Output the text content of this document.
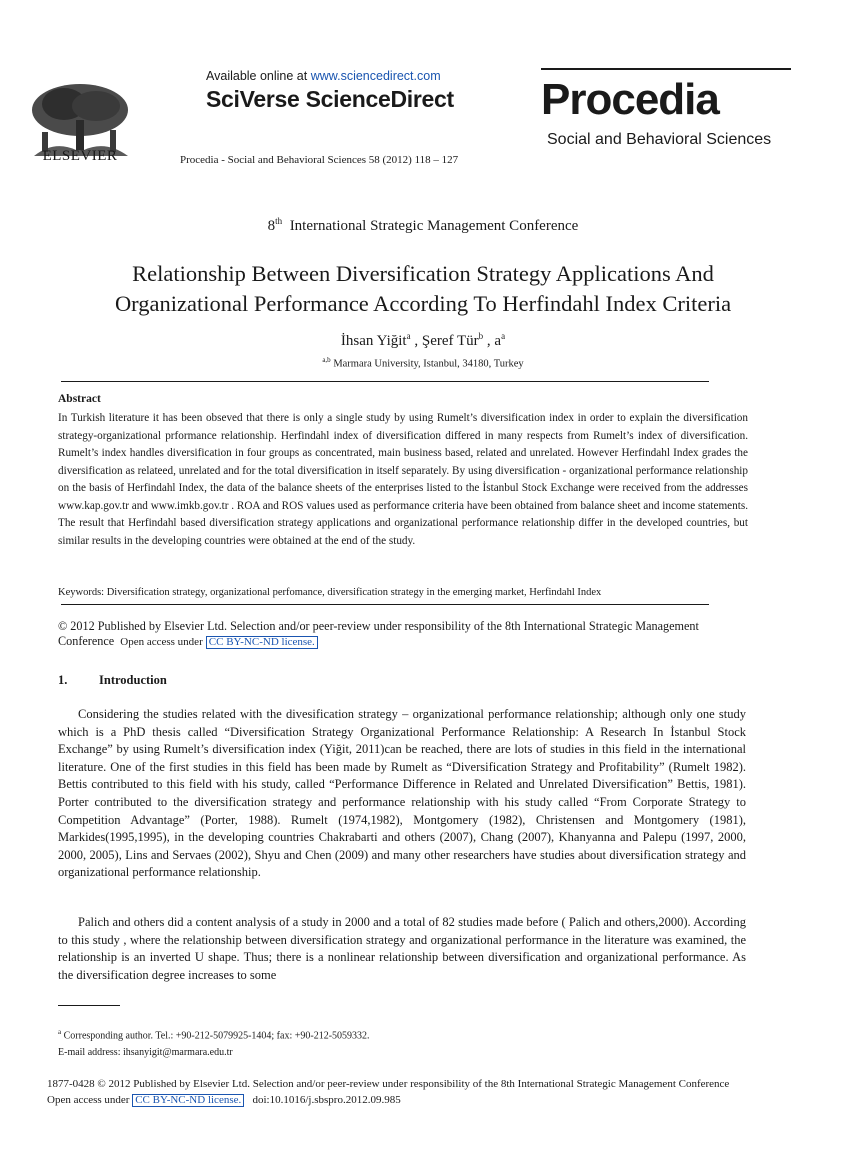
ELSEVIER
Available online at www.sciencedirect.com
SciVerse ScienceDirect
Procedia - Social and Behavioral Sciences 58 (2012) 118 – 127
Procedia
Social and Behavioral Sciences
8th International Strategic Management Conference
Relationship Between Diversification Strategy Applications And
Organizational Performance According To Herfindahl Index Criteria
İhsan Yiğit$^a$ , Şeref Tür$^b$ , $a^a$
$^{a,b}$ Marmara University, Istanbul, 34180, Turkey
Abstract
In Turkish literature it has been obseved that there is only a single study by using Rumelt’s diversification index in order to explain the diversification strategy-organizational prformance relationship. Herfindahl index of diversification differed in many respects from Rumelt’s index of diversification. Rumelt’s index handles diversification in four groups as concentrated, main business based, related and unrelated. However Herfindahl Index grades the diversification as relateed, unrelated and for the total diversification in itself separately. By using diversification - organizational performance relationship on the basis of Herfindahl Index, the data of the balance sheets of the enterprises listed to the İstanbul Stock Exchange were received from the addresses www.kap.gov.tr and www.imkb.gov.tr . ROA and ROS values used as performance criteria have been obtained from balance sheet and income statements. The result that Herfindahl based diversification strategy applications and organizational performance relationship differ in the developed countries, but similar results in the developing countries were obtained at the end of the study.
Keywords: Diversification strategy, organizational perfomance, diversification strategy in the emerging market, Herfindahl Index
© 2012 Published by Elsevier Ltd. Selection and/or peer-review under responsibility of the 8th International Strategic Management Conference Open access under CC BY-NC-ND license.
1.	Introduction
Considering the studies related with the divesification strategy – organizational performance relationship; although only one study which is a PhD thesis called “Diversification Strategy Organizational Performance Relationship: A Research In İstanbul Stock Exchange” by using Rumelt’s diversification index (Yiğit, 2011)can be reached, there are lots of studies in this field in the international literature. One of the first studies in this field has been made by Rumelt as “Diversification Strategy and Profitability” (Rumelt 1982). Bettis contributed to this field with his study, called “Performance Difference in Related and Unrelated Diversification” Bettis, 1981). Porter contributed to the diversification strategy and performance relationship with his study called “From Corporate Strategy to Competition Advantage” (Porter, 1988). Rumelt (1974,1982), Montgomery (1982), Christensen and Montgomery (1981), Markides(1995,1995), in the developing countries Chakrabarti and others (2007), Chang (2007), Khanyanna and Palepu (1997, 2000, 2000, 2005), Lins and Servaes (2002), Shyu and Chen (2009) and many other researchers have studies about diversification strategy and organizational performance relationship.
Palich and others did a content analysis of a study in 2000 and a total of 82 studies made before ( Palich and others,2000). According to this study , where the relationship between diversification strategy and organizational performance in the literature was examined, the relationship is an inverted U shape. Thus; there is a nonlinear relationship between diversification and organizational performance. As the diversification degree increases to some
$^a$ Corresponding author. Tel.: +90-212-5079925-1404; fax: +90-212-5059332.
E-mail address: ihsanyigit@marmara.edu.tr
1877-0428 © 2012 Published by Elsevier Ltd. Selection and/or peer-review under responsibility of the 8th International Strategic Management Conference
Open access under CC BY-NC-ND license. doi:10.1016/j.sbspro.2012.09.985
